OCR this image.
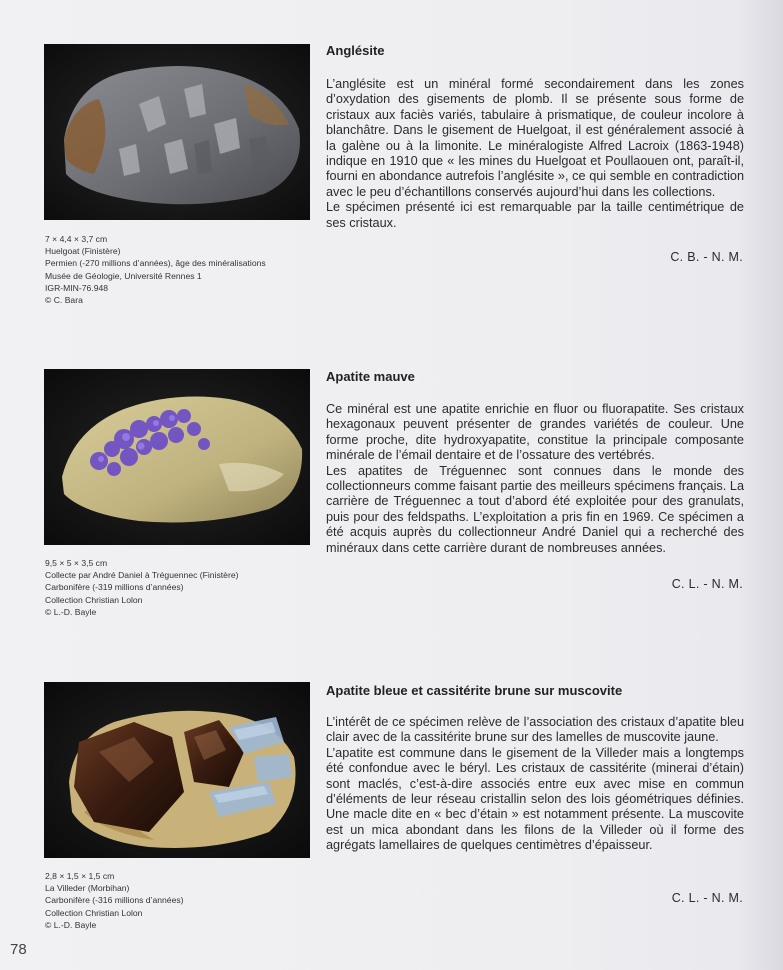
7 × 4,4 × 3,7 cm
Huelgoat (Finistère)
Permien (-270 millions d’années), âge des minéralisations
Musée de Géologie, Université Rennes 1
IGR-MIN-76.948
© C. Bara
Anglésite

L’anglésite est un minéral formé secondairement dans les zones d’oxydation des gisements de plomb. Il se présente sous forme de cristaux aux faciès variés, tabulaire à prismatique, de couleur incolore à blanchâtre. Dans le gisement de Huelgoat, il est généralement associé à la galène ou à la limonite. Le minéralogiste Alfred Lacroix (1863-1948) indique en 1910 que « les mines du Huelgoat et Poullaouen ont, paraît-il, fourni en abondance autrefois l’anglésite », ce qui semble en contradiction avec le peu d’échantillons conservés aujourd’hui dans les collections.

Le spécimen présenté ici est remarquable par la taille centimétrique de ses cristaux.

C. B. - N. M.
9,5 × 5 × 3,5 cm
Collecte par André Daniel à Tréguennec (Finistère)
Carbonifère (-319 millions d’années)
Collection Christian Lolon
© L.-D. Bayle
Apatite mauve

Ce minéral est une apatite enrichie en fluor ou fluorapatite. Ses cristaux hexagonaux peuvent présenter de grandes variétés de couleur. Une forme proche, dite hydroxyapatite, constitue la principale composante minérale de l’émail dentaire et de l’ossature des vertébrés.

Les apatites de Tréguennec sont connues dans le monde des collectionneurs comme faisant partie des meilleurs spécimens français. La carrière de Tréguennec a tout d’abord été exploitée pour des granulats, puis pour des feldspaths. L’exploitation a pris fin en 1969. Ce spécimen a été acquis auprès du collectionneur André Daniel qui a recherché des minéraux dans cette carrière durant de nombreuses années.

C. L. - N. M.
2,8 × 1,5 × 1,5 cm
La Villeder (Morbihan)
Carbonifère (-316 millions d’années)
Collection Christian Lolon
© L.-D. Bayle
Apatite bleue et cassitérite brune sur muscovite

L’intérêt de ce spécimen relève de l’association des cristaux d’apatite bleu clair avec de la cassitérite brune sur des lamelles de muscovite jaune.

L’apatite est commune dans le gisement de la Villeder mais a longtemps été confondue avec le béryl. Les cristaux de cassitérite (minerai d’étain) sont maclés, c’est-à-dire associés entre eux avec mise en commun d’éléments de leur réseau cristallin selon des lois géométriques définies. Une macle dite en « bec d’étain » est notamment présente. La muscovite est un mica abondant dans les filons de la Villeder où il forme des agrégats lamellaires de quelques centimètres d’épaisseur.

C. L. - N. M.
78
